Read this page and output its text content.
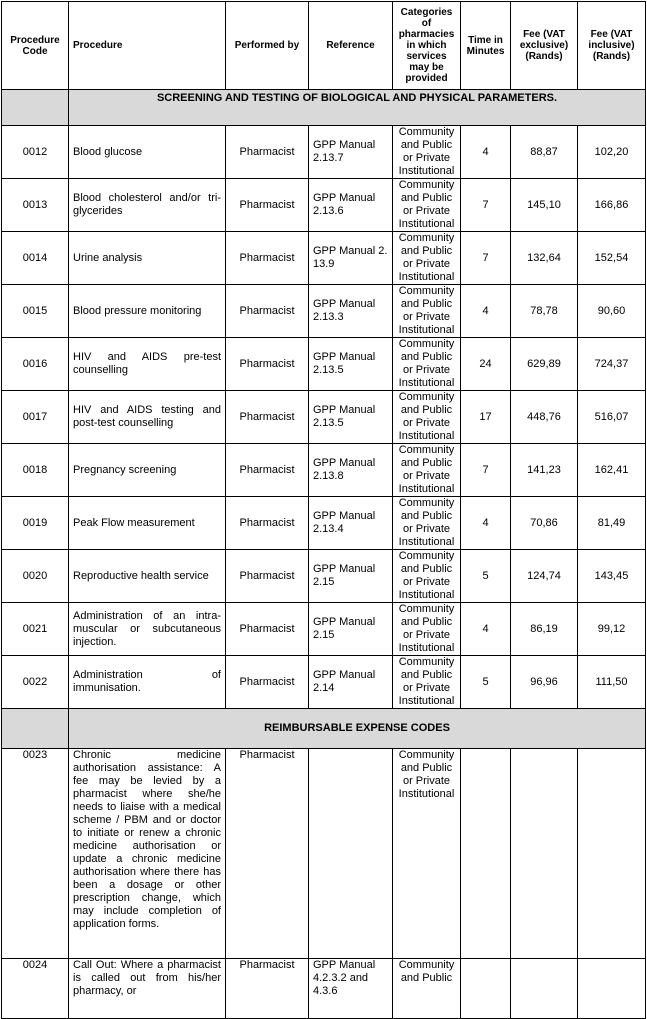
Procedure Code	Procedure	Performed by	Reference	Categories of pharmacies in which services may be provided	Time in Minutes	Fee (VAT exclusive) (Rands)	Fee (VAT inclusive) (Rands)
	SCREENING AND TESTING OF BIOLOGICAL AND PHYSICAL PARAMETERS.						
0012	Blood glucose	Pharmacist	GPP Manual 2.13.7	Community and Public or Private Institutional	4	88,87	102,20
0013	Blood cholesterol and/or tri-glycerides	Pharmacist	GPP Manual 2.13.6	Community and Public or Private Institutional	7	145,10	166,86
0014	Urine analysis	Pharmacist	GPP Manual 2. 13.9	Community and Public or Private Institutional	7	132,64	152,54
0015	Blood pressure monitoring	Pharmacist	GPP Manual 2.13.3	Community and Public or Private Institutional	4	78,78	90,60
0016	HIV and AIDS pre-test counselling	Pharmacist	GPP Manual 2.13.5	Community and Public or Private Institutional	24	629,89	724,37
0017	HIV and AIDS testing and post-test counselling	Pharmacist	GPP Manual 2.13.5	Community and Public or Private Institutional	17	448,76	516,07
0018	Pregnancy screening	Pharmacist	GPP Manual 2.13.8	Community and Public or Private Institutional	7	141,23	162,41
0019	Peak Flow measurement	Pharmacist	GPP Manual 2.13.4	Community and Public or Private Institutional	4	70,86	81,49
0020	Reproductive health service	Pharmacist	GPP Manual 2.15	Community and Public or Private Institutional	5	124,74	143,45
0021	Administration of an intra-muscular or subcutaneous injection.	Pharmacist	GPP Manual 2.15	Community and Public or Private Institutional	4	86,19	99,12
0022	Administration of immunisation.	Pharmacist	GPP Manual 2.14	Community and Public or Private Institutional	5	96,96	111,50
	REIMBURSABLE EXPENSE CODES						
0023	Chronic medicine authorisation assistance: A fee may be levied by a pharmacist where she/he needs to liaise with a medical scheme / PBM and or doctor to initiate or renew a chronic medicine authorisation or update a chronic medicine authorisation where there has been a dosage or other prescription change, which may include completion of application forms.	Pharmacist		Community and Public or Private Institutional			
0024	Call Out: Where a pharmacist is called out from his/her pharmacy, or	Pharmacist	GPP Manual 4.2.3.2 and 4.3.6	Community and Public			
